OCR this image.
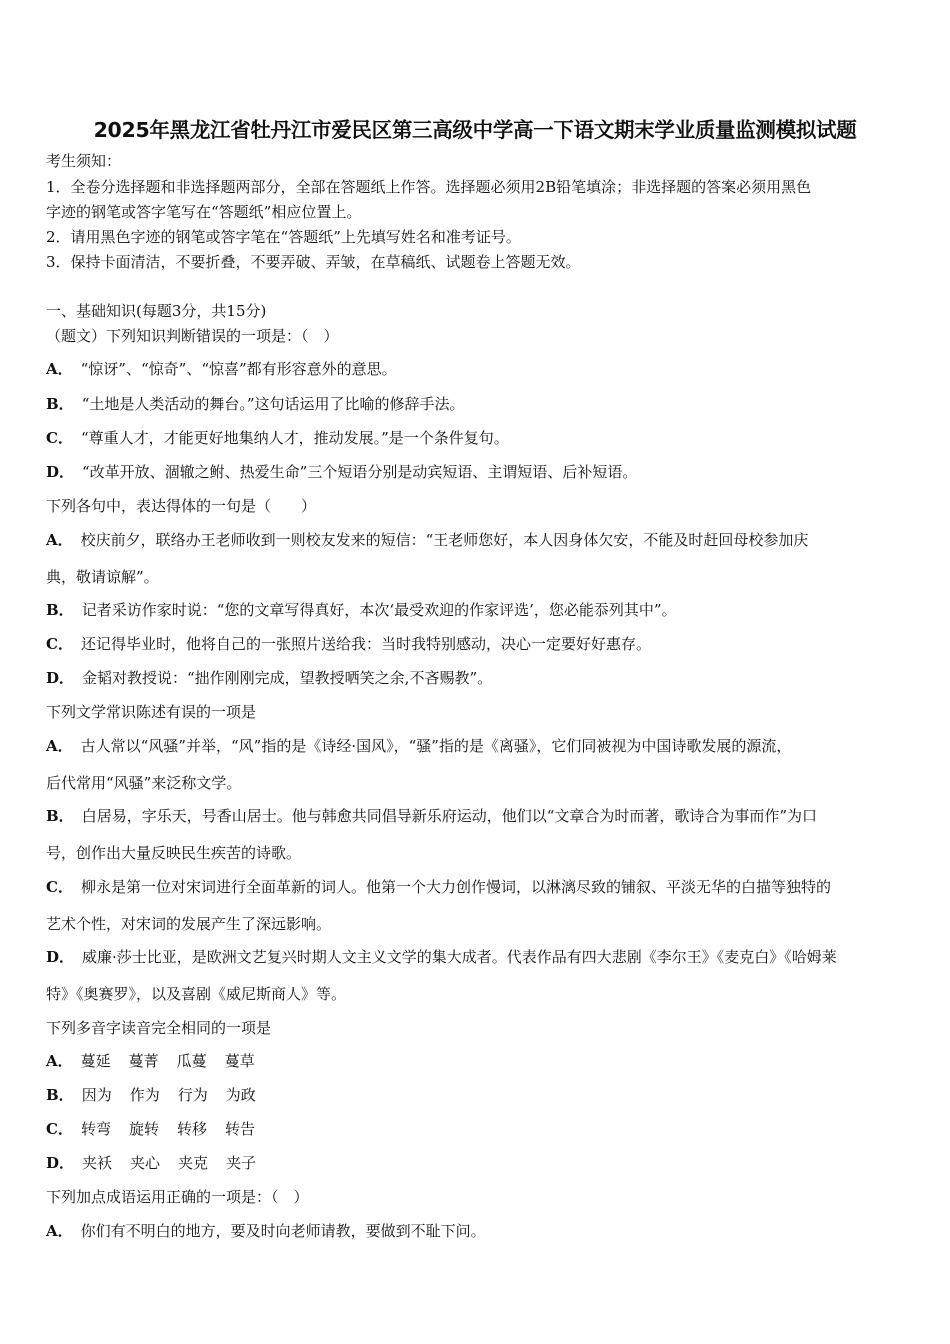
2025年黑龙江省牡丹江市爱民区第三高级中学高一下语文期末学业质量监测模拟试题
考生须知：
1．全卷分选择题和非选择题两部分，全部在答题纸上作答。选择题必须用2B铅笔填涂；非选择题的答案必须用黑色
字迹的钢笔或答字笔写在“答题纸”相应位置上。
2．请用黑色字迹的钢笔或答字笔在“答题纸”上先填写姓名和准考证号。
3．保持卡面清洁，不要折叠，不要弄破、弄皱，在草稿纸、试题卷上答题无效。
一、基础知识(每题3分，共15分)
（题文）下列知识判断错误的一项是：（　）
A． “惊讶”、“惊奇”、“惊喜”都有形容意外的意思。
B． “土地是人类活动的舞台。”这句话运用了比喻的修辞手法。
C． “尊重人才，才能更好地集纳人才，推动发展。”是一个条件复句。
D． “改革开放、涸辙之鲋、热爱生命”三个短语分别是动宾短语、主谓短语、后补短语。
下列各句中，表达得体的一句是（　　）
A． 校庆前夕，联络办王老师收到一则校友发来的短信：“王老师您好，本人因身体欠安，不能及时赶回母校参加庆
典，敬请谅解”。
B． 记者采访作家时说：“您的文章写得真好，本次‘最受欢迎的作家评选’，您必能忝列其中”。
C． 还记得毕业时，他将自己的一张照片送给我：当时我特别感动，决心一定要好好惠存。
D． 金韬对教授说：“拙作刚刚完成，望教授哂笑之余,不吝赐教”。
下列文学常识陈述有误的一项是
A． 古人常以“风骚”并举，“风”指的是《诗经·国风》，“骚”指的是《离骚》，它们同被视为中国诗歌发展的源流，
后代常用“风骚”来泛称文学。
B． 白居易，字乐天，号香山居士。他与韩愈共同倡导新乐府运动，他们以“文章合为时而著，歌诗合为事而作”为口
号，创作出大量反映民生疾苦的诗歌。
C． 柳永是第一位对宋词进行全面革新的词人。他第一个大力创作慢词，以淋漓尽致的铺叙、平淡无华的白描等独特的
艺术个性，对宋词的发展产生了深远影响。
D． 威廉·莎士比亚，是欧洲文艺复兴时期人文主义文学的集大成者。代表作品有四大悲剧《李尔王》《麦克白》《哈姆莱
特》《奥赛罗》，以及喜剧《威尼斯商人》等。
下列多音字读音完全相同的一项是
A． 蔓延 蔓菁 瓜蔓 蔓草
B． 因为 作为 行为 为政
C． 转弯 旋转 转移 转告
D． 夹袄 夹心 夹克 夹子
下列加点成语运用正确的一项是：（　）
A． 你们有不明白的地方，要及时向老师请教，要做到不耻下问。
